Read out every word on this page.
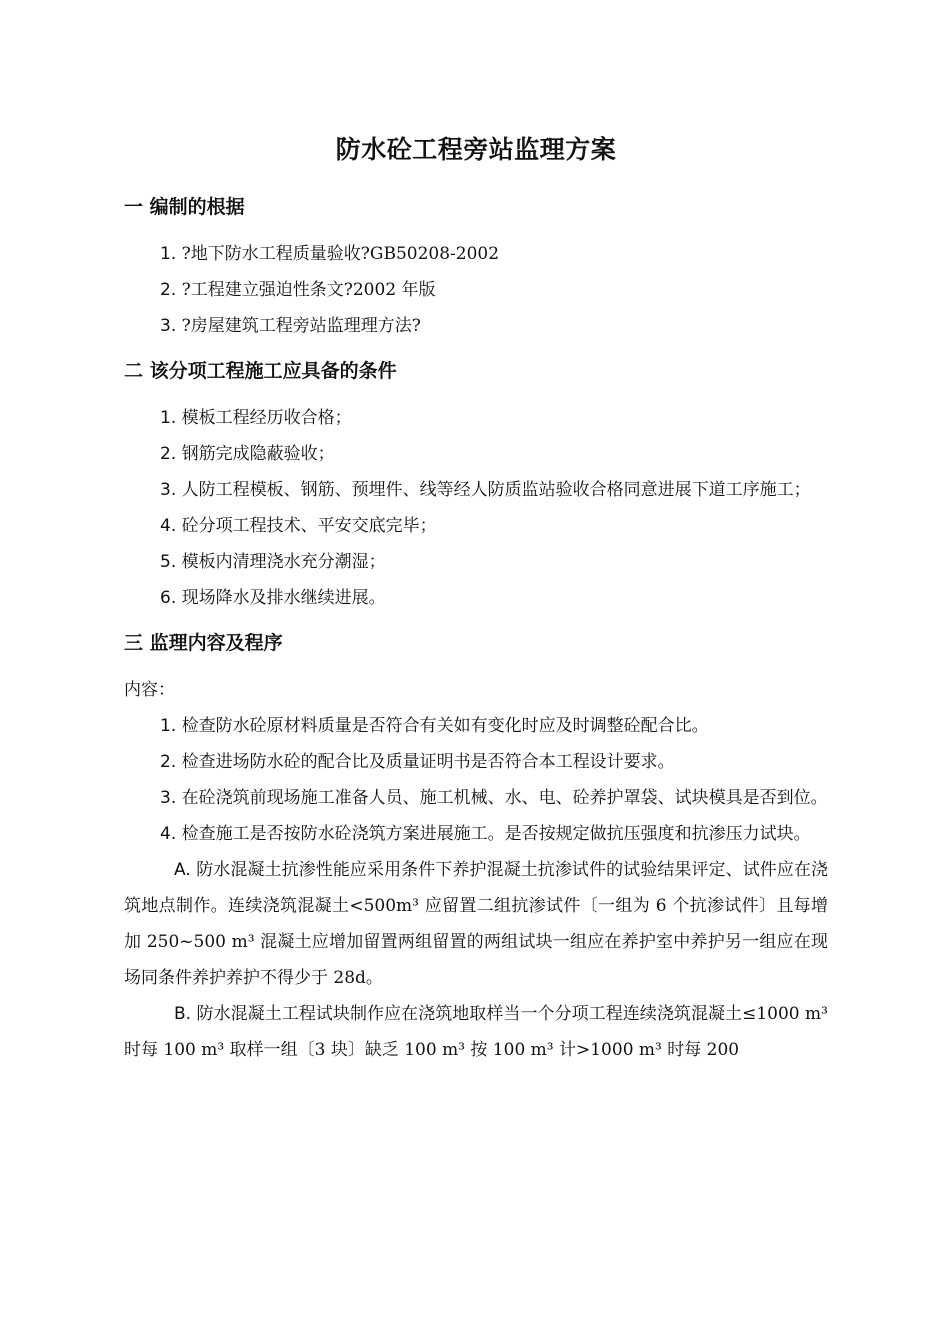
防水砼工程旁站监理方案
一 编制的根据

1. ?地下防水工程质量验收?GB50208-2002

2. ?工程建立强迫性条文?2002 年版

3. ?房屋建筑工程旁站监理理方法?

二 该分项工程施工应具备的条件

1. 模板工程经历收合格；

2. 钢筋完成隐蔽验收；

3. 人防工程模板、钢筋、预埋件、线等经人防质监站验收合格同意进展下道工序施工；

4. 砼分项工程技术、平安交底完毕；

5. 模板内清理浇水充分潮湿；

6. 现场降水及排水继续进展。

三 监理内容及程序

内容：

1. 检查防水砼原材料质量是否符合有关如有变化时应及时调整砼配合比。

2. 检查进场防水砼的配合比及质量证明书是否符合本工程设计要求。

3. 在砼浇筑前现场施工准备人员、施工机械、水、电、砼养护罩袋、试块模具是否到位。

4. 检查施工是否按防水砼浇筑方案进展施工。是否按规定做抗压强度和抗渗压力试块。

A. 防水混凝土抗渗性能应采用条件下养护混凝土抗渗试件的试验结果评定、试件应在浇筑地点制作。连续浇筑混凝土<500m³ 应留置二组抗渗试件〔一组为 6 个抗渗试件〕且每增加 250~500 m³ 混凝土应增加留置两组留置的两组试块一组应在养护室中养护另一组应在现场同条件养护养护不得少于 28d。

B. 防水混凝土工程试块制作应在浇筑地取样当一个分项工程连续浇筑混凝土≤1000 m³ 时每 100 m³ 取样一组〔3 块〕缺乏 100 m³ 按 100 m³ 计>1000 m³ 时每 200
